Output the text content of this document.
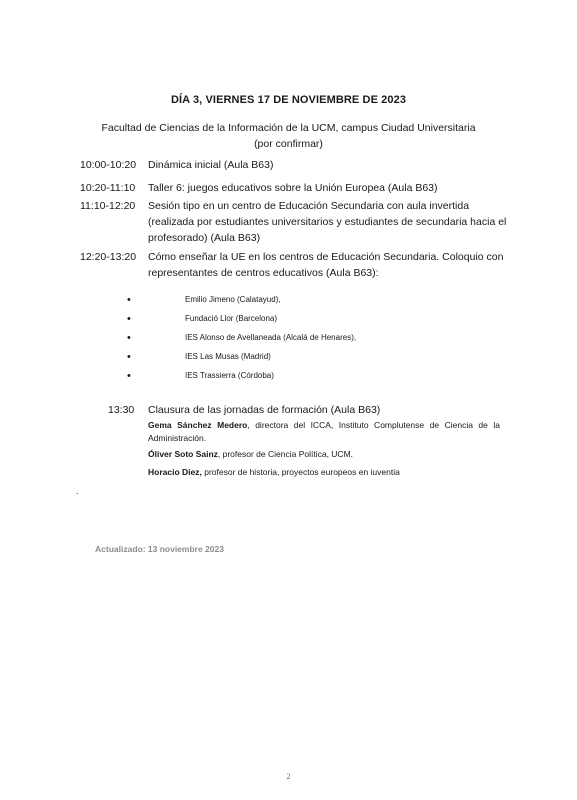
DÍA 3, VIERNES 17 DE NOVIEMBRE DE 2023
Facultad de Ciencias de la Información de la UCM, campus Ciudad Universitaria
(por confirmar)
10:00-10:20	Dinámica inicial (Aula B63)
10:20-11:10	Taller 6: juegos educativos sobre la Unión Europea (Aula B63)
11:10-12:20	Sesión tipo en un centro de Educación Secundaria con aula invertida (realizada por estudiantes universitarios y estudiantes de secundaria hacia el profesorado) (Aula B63)
12:20-13:20	Cómo enseñar la UE en los centros de Educación Secundaria. Coloquio con representantes de centros educativos (Aula B63):
•	Emilio Jimeno (Calatayud),
•	Fundació Llor (Barcelona)
•	IES Alonso de Avellaneada (Alcalá de Henares),
•	IES Las Musas (Madrid)
•	IES Trassierra (Córdoba)
13:30	Clausura de las jornadas de formación (Aula B63)
Gema Sánchez Medero, directora del ICCA, Instituto Complutense de Ciencia de la Administración.
Óliver Soto Sainz, profesor de Ciencia Política, UCM.
Horacio Diez, profesor de historia, proyectos europeos en iuventia
.
Actualizado: 13 noviembre 2023
2
